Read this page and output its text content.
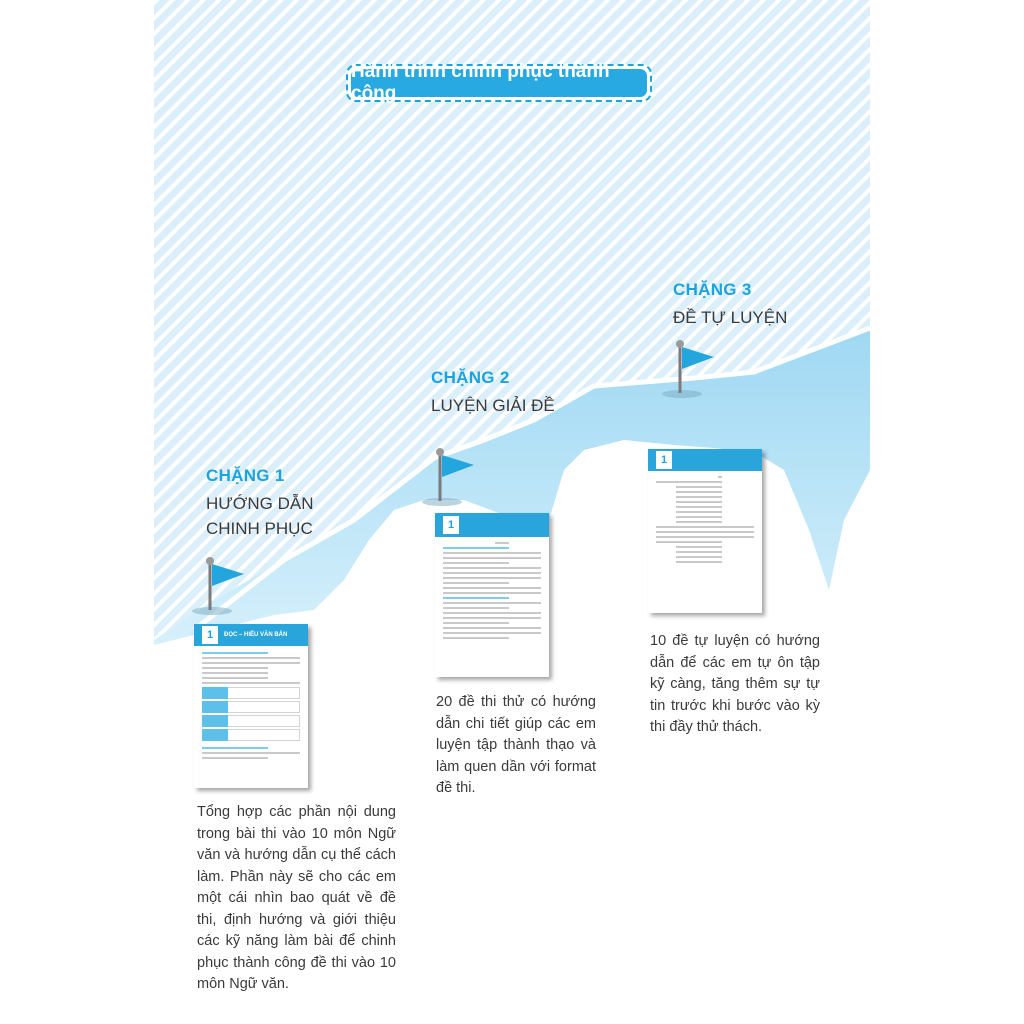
Hành trình chinh phục thành công
CHẶNG 1
HƯỚNG DẪN
CHINH PHỤC
CHẶNG 2
LUYỆN GIẢI ĐỀ
CHẶNG 3
ĐỀ TỰ LUYỆN
1	ĐỌC – HIỂU VĂN BẢN
1
1
Tổng hợp các phần nội dung trong bài thi vào 10 môn Ngữ văn và hướng dẫn cụ thể cách làm. Phần này sẽ cho các em một cái nhìn bao quát về đề thi, định hướng và giới thiệu các kỹ năng làm bài để chinh phục thành công đề thi vào 10 môn Ngữ văn.
20 đề thi thử có hướng dẫn chi tiết giúp các em luyện tập thành thạo và làm quen dần với format đề thi.
10 đề tự luyện có hướng dẫn để các em tự ôn tập kỹ càng, tăng thêm sự tự tin trước khi bước vào kỳ thi đầy thử thách.
